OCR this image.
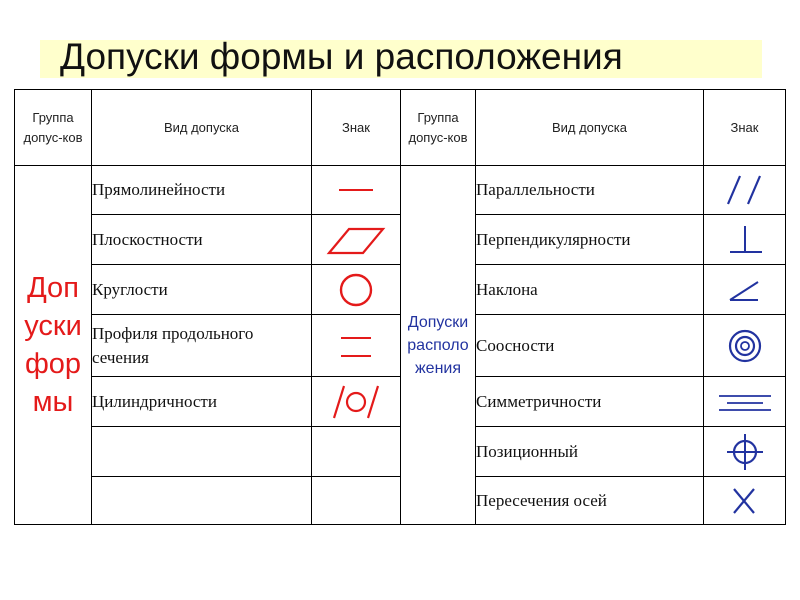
Допуски формы и расположения
Группа допус-ков	Вид допуска	Знак	Группа допус-ков	Вид допуска	Знак
Допуски формы	Прямолинейности		Допуски расположения	Параллельности	

	Плоскостности			Перпендикулярности	

	Круглости			Наклона	

	Профиля продольного сечения			Соосности	

	Цилиндричности			Симметричности	

				Позиционный	

				Пересечения осей	
